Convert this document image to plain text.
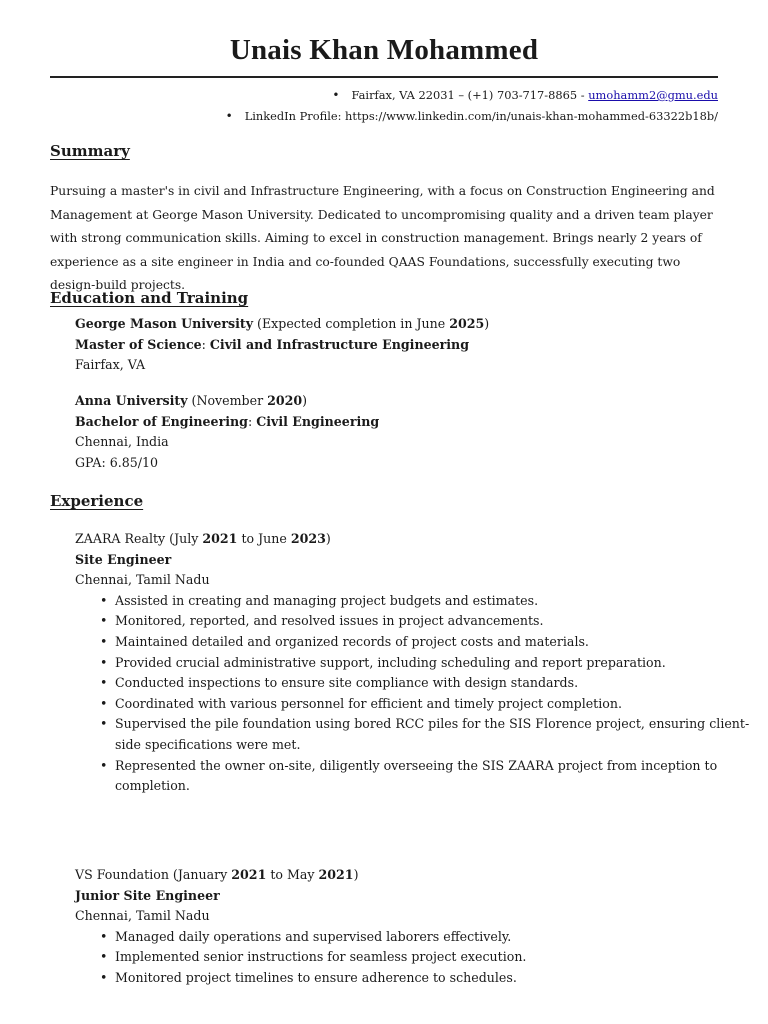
Unais Khan Mohammed
• Fairfax, VA 22031 – (+1) 703-717-8865 - umohamm2@gmu.edu
• LinkedIn Profile: https://www.linkedin.com/in/unais-khan-mohammed-63322b18b/
Summary

Pursuing a master's in civil and Infrastructure Engineering, with a focus on Construction Engineering and Management at George Mason University. Dedicated to uncompromising quality and a driven team player with strong communication skills. Aiming to excel in construction management. Brings nearly 2 years of experience as a site engineer in India and co-founded QAAS Foundations, successfully executing two design-build projects.

Education and Training
George Mason University (Expected completion in June 2025)
Master of Science: Civil and Infrastructure Engineering
Fairfax, VA
Anna University (November 2020)
Bachelor of Engineering: Civil Engineering
Chennai, India
GPA: 6.85/10
Experience
ZAARA Realty (July 2021 to June 2023)
Site Engineer
Chennai, Tamil Nadu
• Assisted in creating and managing project budgets and estimates.
• Monitored, reported, and resolved issues in project advancements.
• Maintained detailed and organized records of project costs and materials.
• Provided crucial administrative support, including scheduling and report preparation.
• Conducted inspections to ensure site compliance with design standards.
• Coordinated with various personnel for efficient and timely project completion.
• Supervised the pile foundation using bored RCC piles for the SIS Florence project, ensuring client-side specifications were met.
• Represented the owner on-site, diligently overseeing the SIS ZAARA project from inception to completion.
VS Foundation (January 2021 to May 2021)
Junior Site Engineer
Chennai, Tamil Nadu
• Managed daily operations and supervised laborers effectively.
• Implemented senior instructions for seamless project execution.
• Monitored project timelines to ensure adherence to schedules.
